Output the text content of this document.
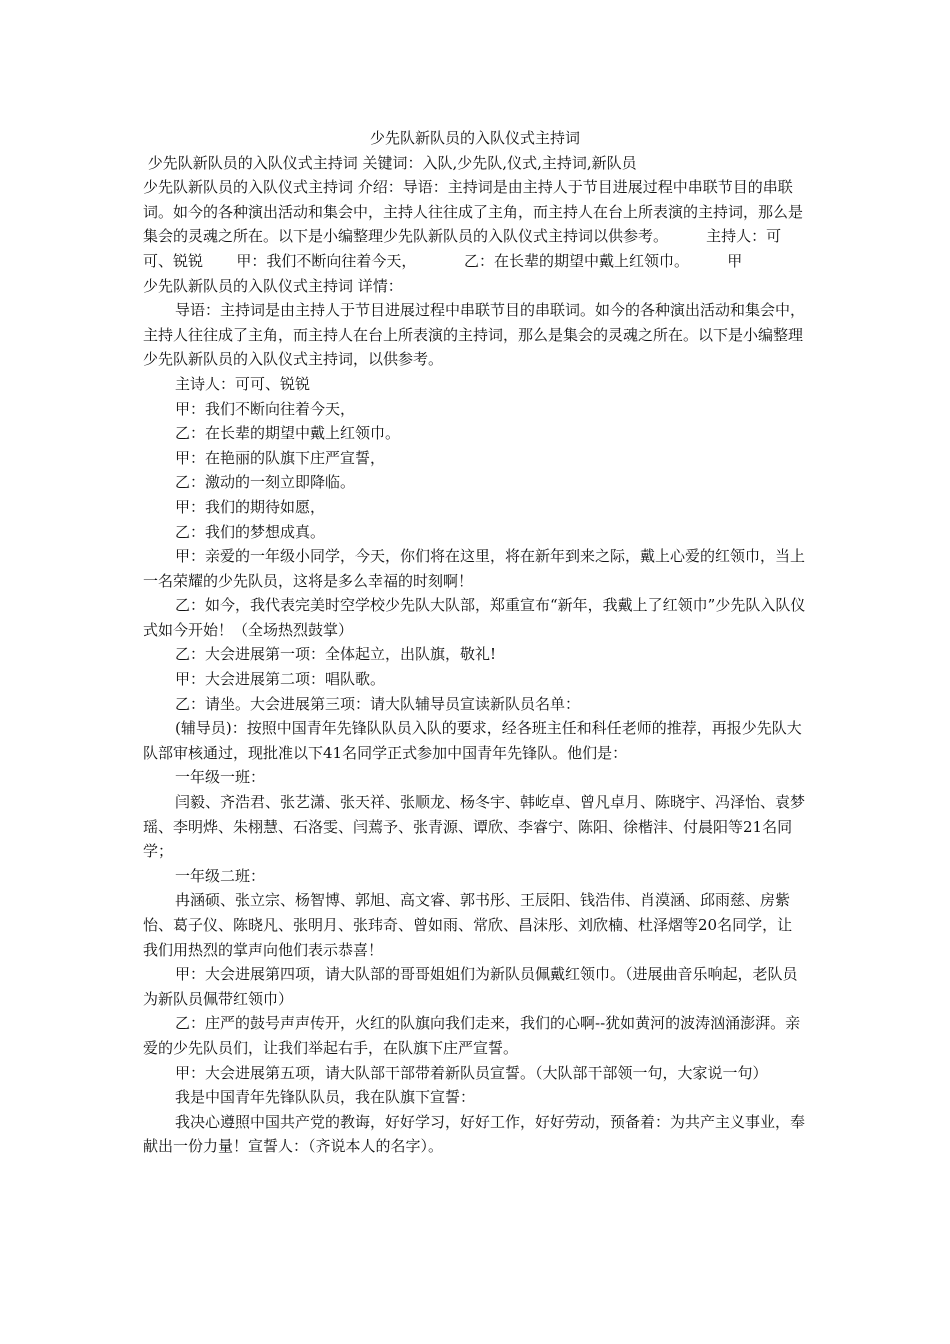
少先队新队员的入队仪式主持词

少先队新队员的入队仪式主持词 关键词：入队,少先队,仪式,主持词,新队员

少先队新队员的入队仪式主持词 介绍：导语：主持词是由主持人于节目进展过程中串联节目的串联词。如今的各种演出活动和集会中，主持人往往成了主角，而主持人在台上所表演的主持词，那么是集会的灵魂之所在。以下是小编整理少先队新队员的入队仪式主持词以供参考。        主持人：可可、锐锐       甲：我们不断向往着今天，          乙：在长辈的期望中戴上红领巾。        甲

少先队新队员的入队仪式主持词 详情：

导语：主持词是由主持人于节目进展过程中串联节目的串联词。如今的各种演出活动和集会中，主持人往往成了主角，而主持人在台上所表演的主持词，那么是集会的灵魂之所在。以下是小编整理少先队新队员的入队仪式主持词，以供参考。

主诗人：可可、锐锐

甲：我们不断向往着今天，

乙：在长辈的期望中戴上红领巾。

甲：在艳丽的队旗下庄严宣誓，

乙：激动的一刻立即降临。

甲：我们的期待如愿，

乙：我们的梦想成真。

甲：亲爱的一年级小同学，今天，你们将在这里，将在新年到来之际，戴上心爱的红领巾，当上一名荣耀的少先队员，这将是多么幸福的时刻啊！

乙：如今，我代表完美时空学校少先队大队部，郑重宣布“新年，我戴上了红领巾”少先队入队仪式如今开始！（全场热烈鼓掌）

乙：大会进展第一项：全体起立，出队旗，敬礼!

甲：大会进展第二项：唱队歌。

乙：请坐。大会进展第三项：请大队辅导员宣读新队员名单：

(辅导员)：按照中国青年先锋队队员入队的要求，经各班主任和科任老师的推荐，再报少先队大队部审核通过，现批准以下41名同学正式参加中国青年先锋队。他们是：

一年级一班：

闫毅、齐浩君、张艺潇、张天祥、张顺龙、杨冬宇、韩屹卓、曾凡卓月、陈晓宇、冯泽怡、袁梦瑶、李明烨、朱栩慧、石洛雯、闫蔫予、张青源、谭欣、李睿宁、陈阳、徐楷沣、付晨阳等21名同学；

一年级二班：

冉涵硕、张立宗、杨智博、郭旭、高文睿、郭书彤、王辰阳、钱浩伟、肖漠涵、邱雨慈、房紫怡、葛子仪、陈晓凡、张明月、张玮奇、曾如雨、常欣、昌沫彤、刘欣楠、杜泽熠等20名同学，让我们用热烈的掌声向他们表示恭喜！

甲：大会进展第四项，请大队部的哥哥姐姐们为新队员佩戴红领巾。（进展曲音乐响起，老队员为新队员佩带红领巾）

乙：庄严的鼓号声声传开，火红的队旗向我们走来，我们的心啊--犹如黄河的波涛汹涌澎湃。亲爱的少先队员们，让我们举起右手，在队旗下庄严宣誓。

甲：大会进展第五项，请大队部干部带着新队员宣誓。（大队部干部领一句，大家说一句）

我是中国青年先锋队队员，我在队旗下宣誓：

我决心遵照中国共产党的教诲，好好学习，好好工作，好好劳动，预备着：为共产主义事业，奉献出一份力量！宣誓人：（齐说本人的名字）。
